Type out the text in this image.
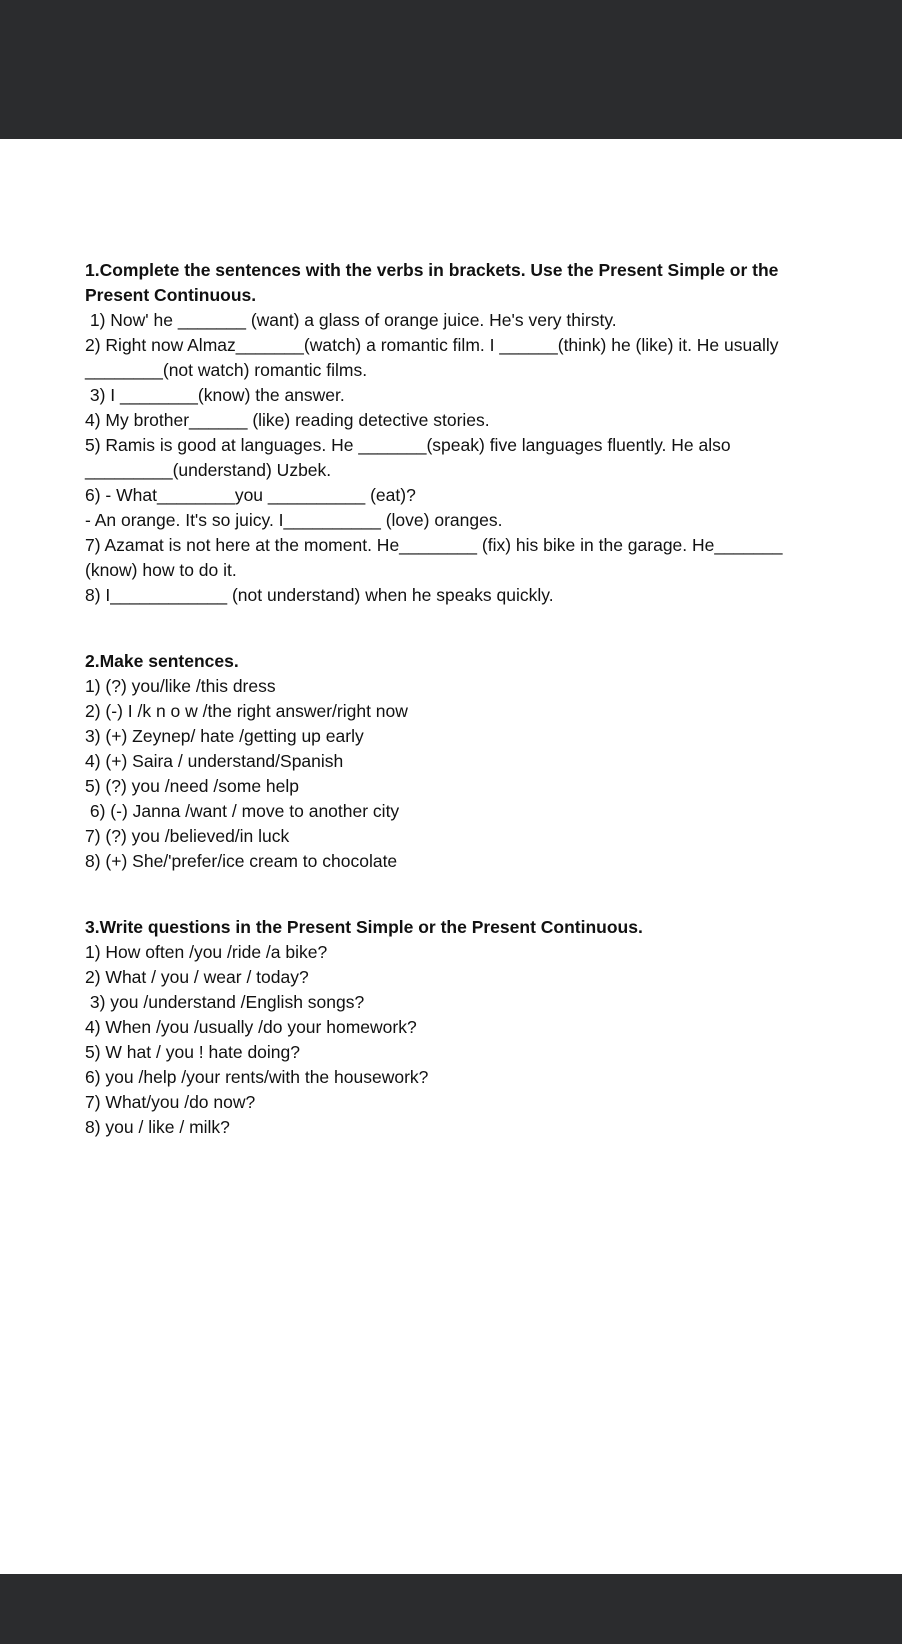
1.Complete the sentences with the verbs in brackets. Use the Present Simple or the Present Continuous.

1) Now' he _______ (want) a glass of orange juice. He's very thirsty.

2) Right now Almaz_______(watch) a romantic film. I ______(think) he (like) it. He usually

________(not watch) romantic films.

3) I ________(know) the answer.

4) My brother______ (like) reading detective stories.

5) Ramis is good at languages. He _______(speak) five languages fluently. He also

_________(understand) Uzbek.

6) - What________you __________ (eat)?

- An orange. It's so juicy. I__________ (love) oranges.

7) Azamat is not here at the moment. He________ (fix) his bike in the garage. He_______

(know) how to do it.

8) I____________ (not understand) when he speaks quickly.

2.Make sentences.

1) (?) you/like /this dress

2) (-) I /k n o w /the right answer/right now

3) (+) Zeynep/ hate /getting up early

4) (+) Saira / understand/Spanish

5) (?) you /need /some help

6) (-) Janna /want / move to another city

7) (?) you /believed/in luck

8) (+) She/'prefer/ice cream to chocolate

3.Write questions in the Present Simple or the Present Continuous.

1) How often /you /ride /a bike?

2) What / you / wear / today?

3) you /understand /English songs?

4) When /you /usually /do your homework?

5) W hat / you ! hate doing?

6) you /help /your rents/with the housework?

7) What/you /do now?

8) you / like / milk?
